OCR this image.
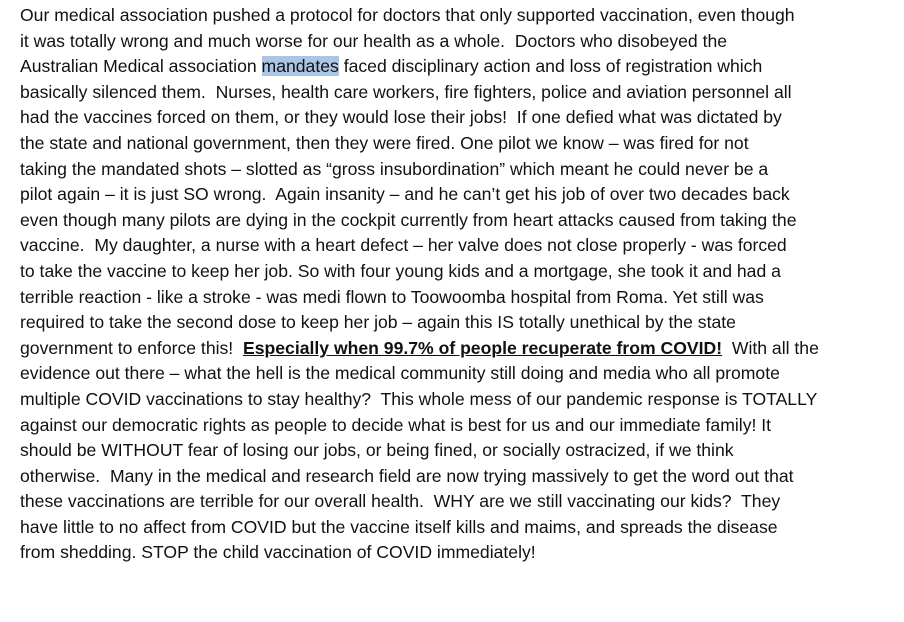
Our medical association pushed a protocol for doctors that only supported vaccination, even though
it was totally wrong and much worse for our health as a whole.  Doctors who disobeyed the
Australian Medical association mandates faced disciplinary action and loss of registration which
basically silenced them.  Nurses, health care workers, fire fighters, police and aviation personnel all
had the vaccines forced on them, or they would lose their jobs!  If one defied what was dictated by
the state and national government, then they were fired. One pilot we know – was fired for not
taking the mandated shots – slotted as “gross insubordination” which meant he could never be a
pilot again – it is just SO wrong.  Again insanity – and he can’t get his job of over two decades back
even though many pilots are dying in the cockpit currently from heart attacks caused from taking the
vaccine.  My daughter, a nurse with a heart defect – her valve does not close properly - was forced
to take the vaccine to keep her job. So with four young kids and a mortgage, she took it and had a
terrible reaction - like a stroke - was medi flown to Toowoomba hospital from Roma. Yet still was
required to take the second dose to keep her job – again this IS totally unethical by the state
government to enforce this!  Especially when 99.7% of people recuperate from COVID!  With all the
evidence out there – what the hell is the medical community still doing and media who all promote
multiple COVID vaccinations to stay healthy?  This whole mess of our pandemic response is TOTALLY
against our democratic rights as people to decide what is best for us and our immediate family! It
should be WITHOUT fear of losing our jobs, or being fined, or socially ostracized, if we think
otherwise.  Many in the medical and research field are now trying massively to get the word out that
these vaccinations are terrible for our overall health.  WHY are we still vaccinating our kids?  They
have little to no affect from COVID but the vaccine itself kills and maims, and spreads the disease
from shedding. STOP the child vaccination of COVID immediately!
